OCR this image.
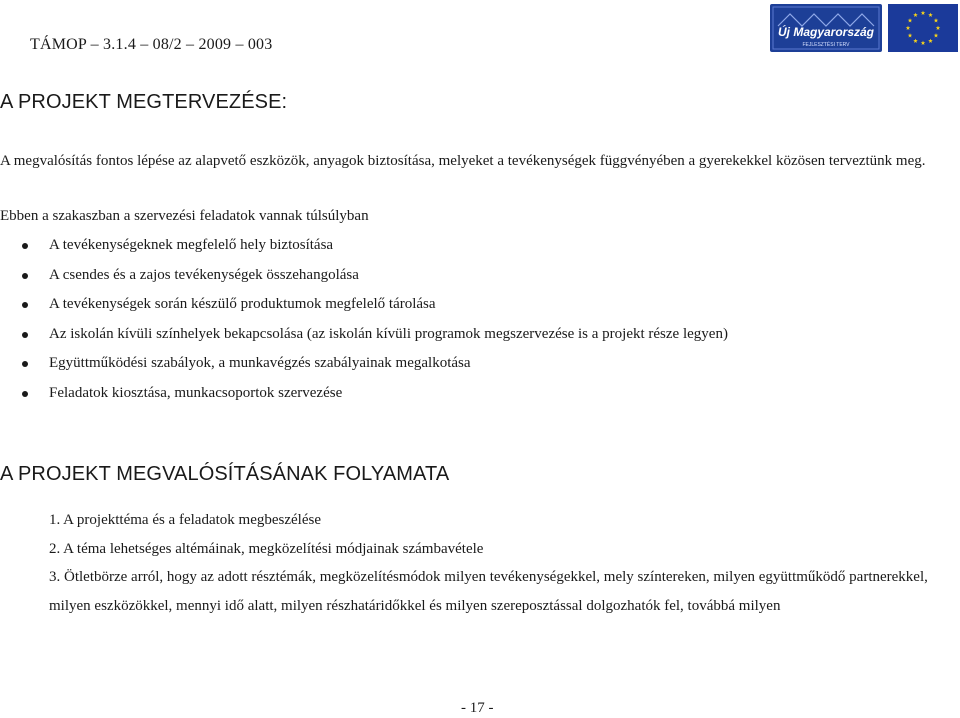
TÁMOP – 3.1.4 – 08/2 – 2009 – 003
Új Magyarország
FEJLESZTÉSI TERV
A PROJEKT MEGTERVEZÉSE:

A megvalósítás fontos lépése az alapvető eszközök, anyagok biztosítása, melyeket a tevékenységek függvényében a gyerekekkel közösen terveztünk meg.

Ebben a szakaszban a szervezési feladatok vannak túlsúlyban

A tevékenységeknek megfelelő hely biztosítása
A csendes és a zajos tevékenységek összehangolása
A tevékenységek során készülő produktumok megfelelő tárolása
Az iskolán kívüli színhelyek bekapcsolása (az iskolán kívüli programok megszervezése is a projekt része legyen)
Együttműködési szabályok, a munkavégzés szabályainak megalkotása
Feladatok kiosztása, munkacsoportok szervezése
A PROJEKT MEGVALÓSÍTÁSÁNAK FOLYAMATA
1. A projekttéma és a feladatok megbeszélése
2. A téma lehetséges altémáinak, megközelítési módjainak számbavétele
3. Ötletbörze arról, hogy az adott résztémák, megközelítésmódok milyen tevékenységekkel, mely színtereken, milyen együttműködő partnerekkel, milyen eszközökkel, mennyi idő alatt, milyen részhatáridőkkel és milyen szereposztással dolgozhatók fel, továbbá milyen
- 17 -
